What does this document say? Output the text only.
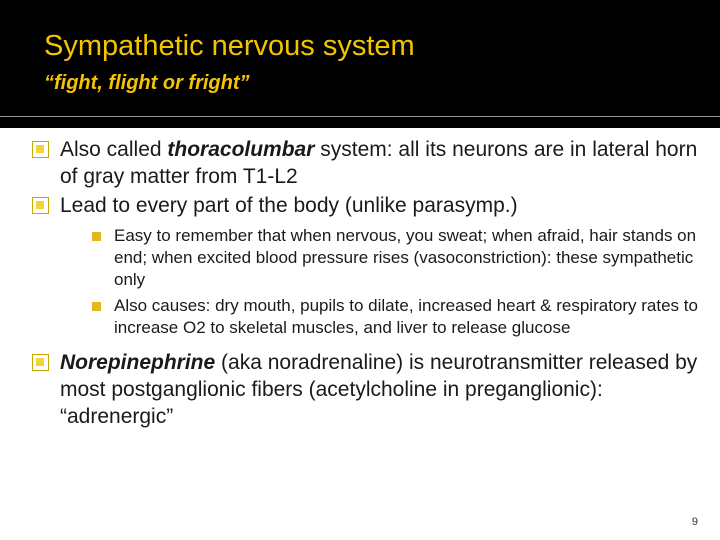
Sympathetic nervous system
“fight, flight or fright”
Also called thoracolumbar system: all its neurons are in lateral horn of gray matter from T1-L2
Lead to every part of the body (unlike parasymp.)
Easy to remember that when nervous, you sweat; when afraid, hair stands on end; when excited blood pressure rises (vasoconstriction): these sympathetic only
Also causes: dry mouth, pupils to dilate, increased heart & respiratory rates to increase O2 to skeletal muscles, and liver to release glucose
Norepinephrine (aka noradrenaline) is neurotransmitter released by most postganglionic fibers (acetylcholine in preganglionic): “adrenergic”
9
